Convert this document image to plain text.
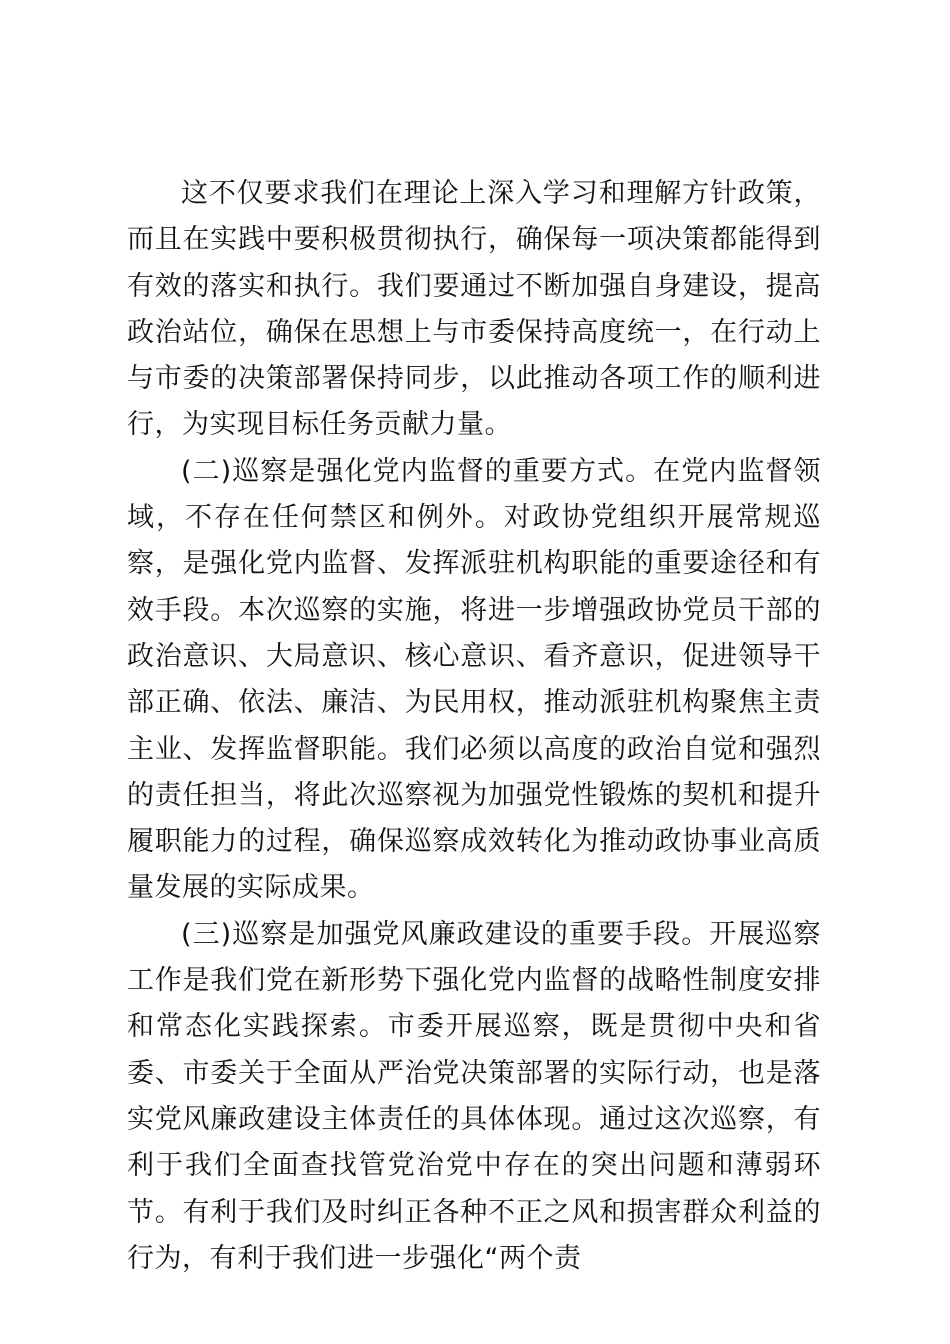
这不仅要求我们在理论上深入学习和理解方针政策，而且在实践中要积极贯彻执行，确保每一项决策都能得到有效的落实和执行。我们要通过不断加强自身建设，提高政治站位，确保在思想上与市委保持高度统一，在行动上与市委的决策部署保持同步，以此推动各项工作的顺利进行，为实现目标任务贡献力量。

(二)巡察是强化党内监督的重要方式。在党内监督领域，不存在任何禁区和例外。对政协党组织开展常规巡察，是强化党内监督、发挥派驻机构职能的重要途径和有效手段。本次巡察的实施，将进一步增强政协党员干部的政治意识、大局意识、核心意识、看齐意识，促进领导干部正确、依法、廉洁、为民用权，推动派驻机构聚焦主责主业、发挥监督职能。我们必须以高度的政治自觉和强烈的责任担当，将此次巡察视为加强党性锻炼的契机和提升履职能力的过程，确保巡察成效转化为推动政协事业高质量发展的实际成果。

(三)巡察是加强党风廉政建设的重要手段。开展巡察工作是我们党在新形势下强化党内监督的战略性制度安排和常态化实践探索。市委开展巡察，既是贯彻中央和省委、市委关于全面从严治党决策部署的实际行动，也是落实党风廉政建设主体责任的具体体现。通过这次巡察，有利于我们全面查找管党治党中存在的突出问题和薄弱环节。有利于我们及时纠正各种不正之风和损害群众利益的行为，有利于我们进一步强化“两个责
